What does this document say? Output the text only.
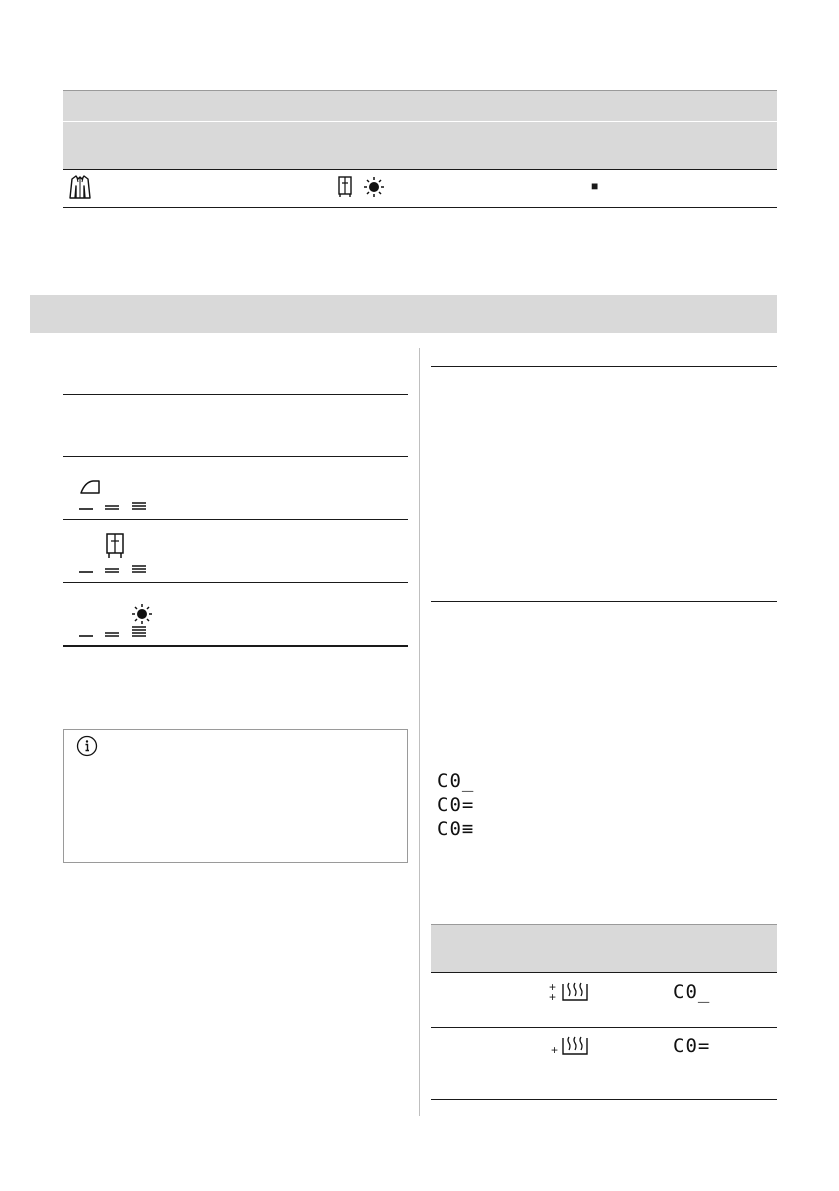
■
C0_
C0=
C0≡
++	C0_
+	C0=
